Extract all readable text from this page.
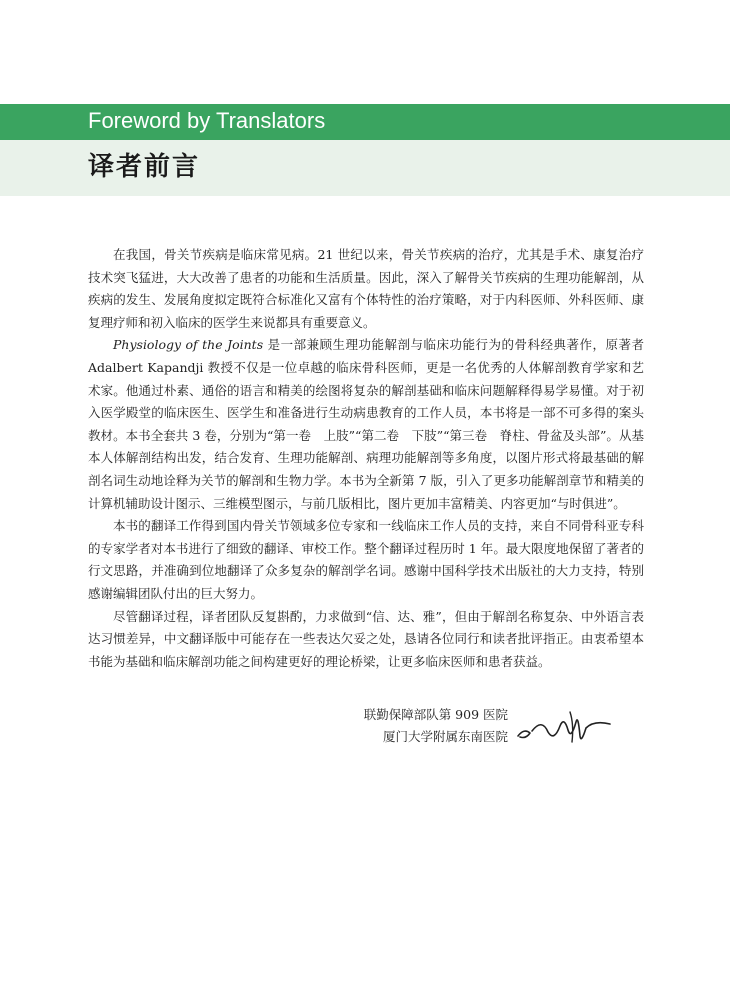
Foreword by Translators
译者前言

在我国，骨关节疾病是临床常见病。21 世纪以来，骨关节疾病的治疗，尤其是手术、康复治疗技术突飞猛进，大大改善了患者的功能和生活质量。因此，深入了解骨关节疾病的生理功能解剖，从疾病的发生、发展角度拟定既符合标准化又富有个体特性的治疗策略，对于内科医师、外科医师、康复理疗师和初入临床的医学生来说都具有重要意义。

Physiology of the Joints 是一部兼顾生理功能解剖与临床功能行为的骨科经典著作，原著者 Adalbert Kapandji 教授不仅是一位卓越的临床骨科医师，更是一名优秀的人体解剖教育学家和艺术家。他通过朴素、通俗的语言和精美的绘图将复杂的解剖基础和临床问题解释得易学易懂。对于初入医学殿堂的临床医生、医学生和准备进行生动病患教育的工作人员，本书将是一部不可多得的案头教材。本书全套共 3 卷，分别为“第一卷　上肢”“第二卷　下肢”“第三卷　脊柱、骨盆及头部”。从基本人体解剖结构出发，结合发育、生理功能解剖、病理功能解剖等多角度，以图片形式将最基础的解剖名词生动地诠释为关节的解剖和生物力学。本书为全新第 7 版，引入了更多功能解剖章节和精美的计算机辅助设计图示、三维模型图示，与前几版相比，图片更加丰富精美、内容更加“与时俱进”。

本书的翻译工作得到国内骨关节领域多位专家和一线临床工作人员的支持，来自不同骨科亚专科的专家学者对本书进行了细致的翻译、审校工作。整个翻译过程历时 1 年。最大限度地保留了著者的行文思路，并准确到位地翻译了众多复杂的解剖学名词。感谢中国科学技术出版社的大力支持，特别感谢编辑团队付出的巨大努力。

尽管翻译过程，译者团队反复斟酌，力求做到“信、达、雅”，但由于解剖名称复杂、中外语言表达习惯差异，中文翻译版中可能存在一些表达欠妥之处，恳请各位同行和读者批评指正。由衷希望本书能为基础和临床解剖功能之间构建更好的理论桥梁，让更多临床医师和患者获益。

联勤保障部队第 909 医院
厦门大学附属东南医院
